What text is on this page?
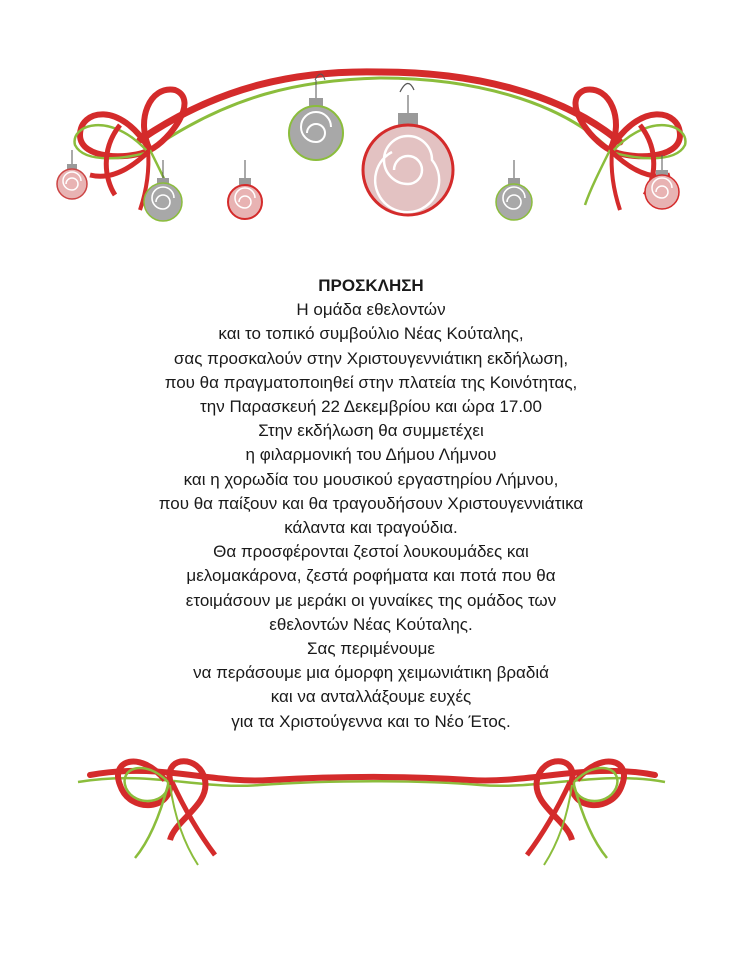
ΠΡΟΣΚΛΗΣΗ

Η ομάδα εθελοντών

και το τοπικό συμβούλιο Νέας Κούταλης,

σας προσκαλούν στην Χριστουγεννιάτικη εκδήλωση,

που θα πραγματοποιηθεί στην πλατεία της Κοινότητας,

την Παρασκευή 22 Δεκεμβρίου και ώρα 17.00

Στην εκδήλωση θα συμμετέχει

η φιλαρμονική του Δήμου Λήμνου

και η χορωδία του μουσικού εργαστηρίου Λήμνου,

που θα παίξουν και θα τραγουδήσουν Χριστουγεννιάτικα

κάλαντα και τραγούδια.

Θα προσφέρονται ζεστοί λουκουμάδες και

μελομακάρονα, ζεστά ροφήματα και ποτά που θα

ετοιμάσουν με μεράκι οι γυναίκες της ομάδος των

εθελοντών Νέας Κούταλης.

Σας περιμένουμε

να περάσουμε μια όμορφη χειμωνιάτικη βραδιά

και να ανταλλάξουμε ευχές

για τα Χριστούγεννα και το Νέο Έτος.
